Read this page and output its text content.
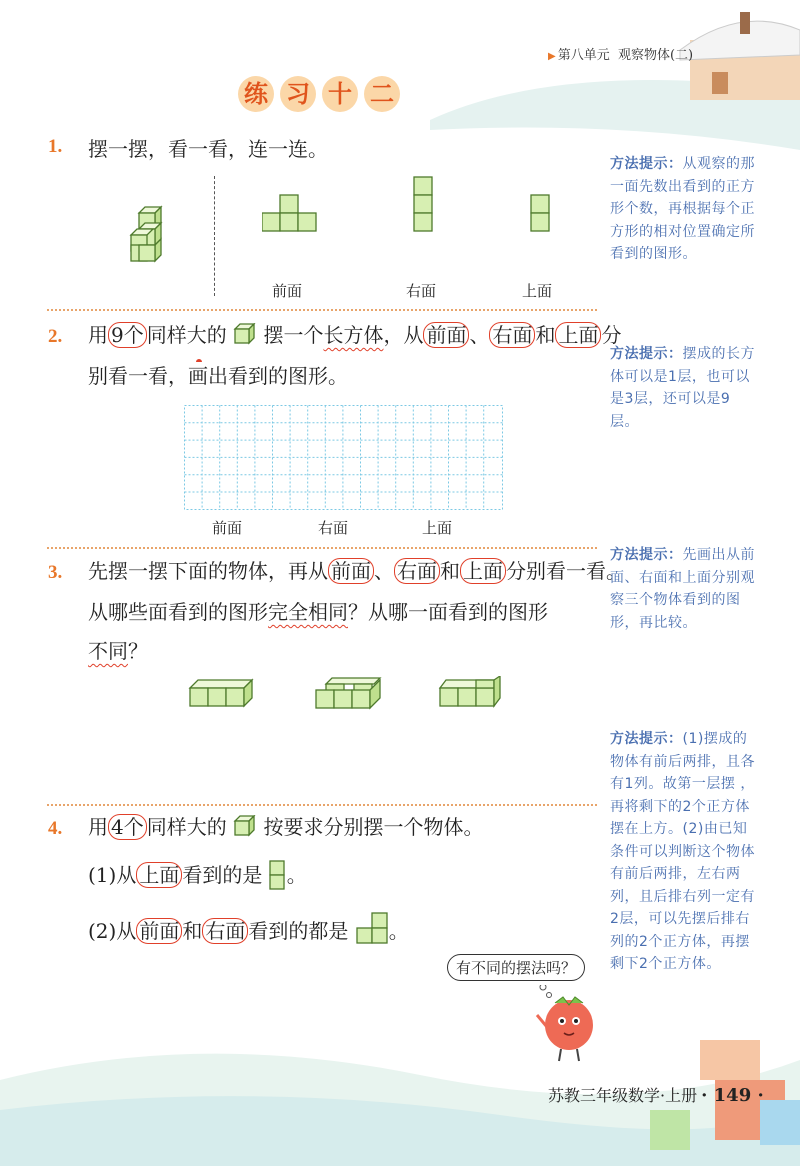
▶ 第八单元 观察物体(二)
练 习 十 二
1. 摆一摆，看一看，连一连。
前面	右面	上面
方法提示：从观察的那一面先数出看到的正方形个数，再根据每个正方形的相对位置确定所看到的图形。
2. 用 9个 同样大的 摆一个长方体，从 前面 、 右面 和 上面 分
别看一看，画出看到的图形。
前面	右面	上面
方法提示：摆成的长方体可以是1层，也可以是3层，还可以是9层。
3. 先摆一摆下面的物体，再从 前面 、 右面 和 上面 分别看一看。
从哪些面看到的图形完全相同？从哪一面看到的图形
不同？
方法提示：先画出从前面、右面和上面分别观察三个物体看到的图形，再比较。
4. 用 4个 同样大的 按要求分别摆一个物体。
(1)从 上面 看到的是 。
(2)从 前面 和 右面 看到的都是 。
有不同的摆法吗？
方法提示：(1)摆成的物体有前后两排，且各有1列。故第一层摆 ，再将剩下的2个正方体摆在上方。(2)由已知条件可以判断这个物体有前后两排，左右两列，且后排右列一定有2层，可以先摆后排右列的2个正方体，再摆剩下2个正方体。
苏教三年级数学·上册 · 149 ·
